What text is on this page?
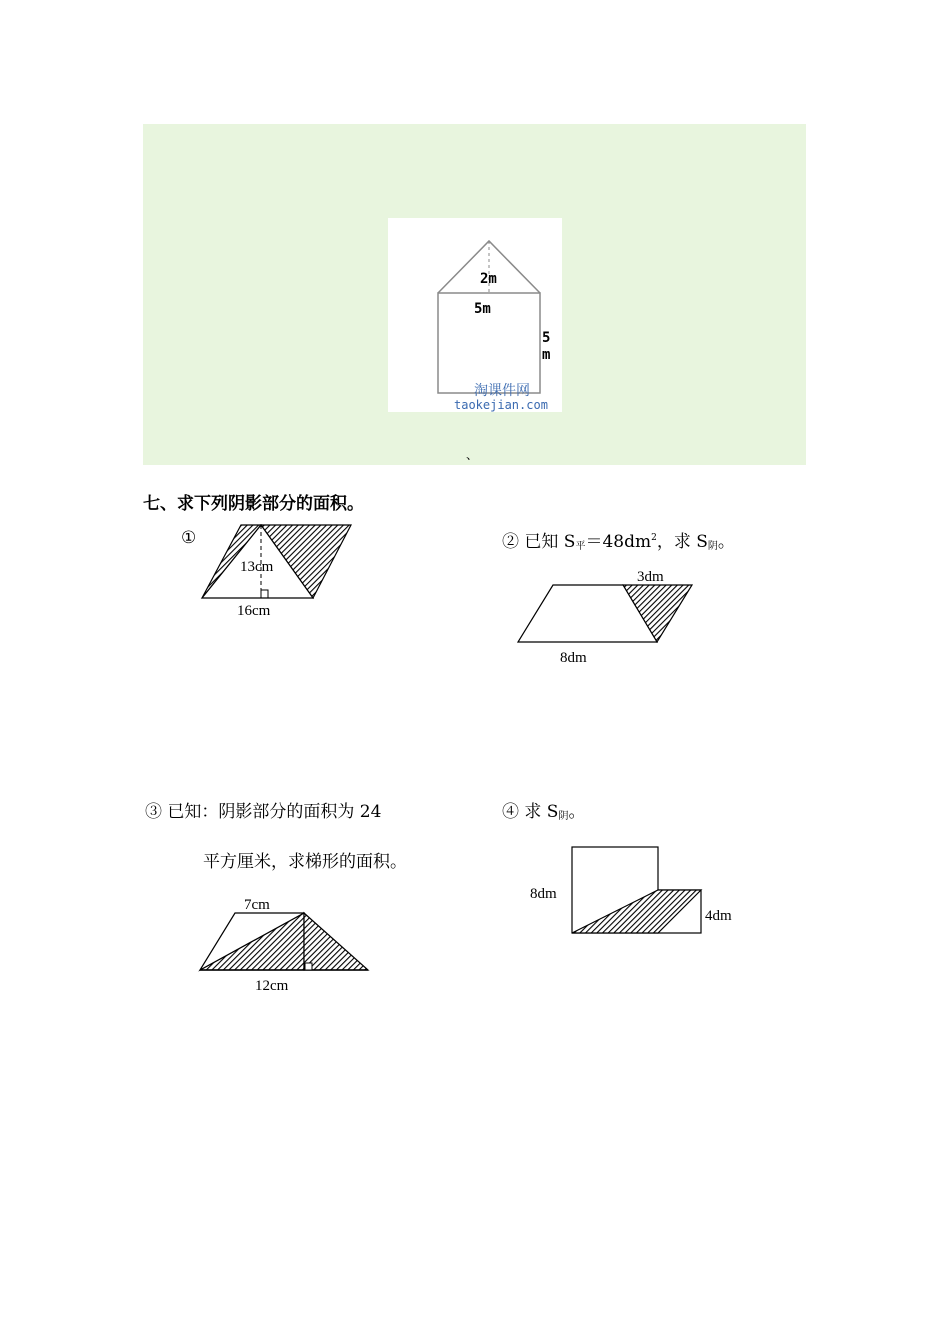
2m
5m
5
m
淘课件网
taokejian.com
、
七、求下列阴影部分的面积。
①
13cm
16cm
② 已知 $S_平=48dm^2$，求 $S_阴$。
3dm
8dm
③ 已知：阴影部分的面积为 24
平方厘米，求梯形的面积。
7cm
12cm
④ 求 $S_阴$。
8dm
4dm
